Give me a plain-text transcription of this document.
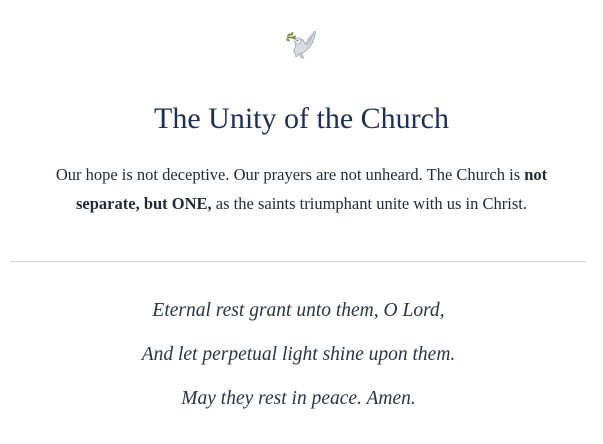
The Unity of the Church

Our hope is not deceptive. Our prayers are not unheard. The Church is not separate, but ONE, as the saints triumphant unite with us in Christ.

Eternal rest grant unto them, O Lord,

And let perpetual light shine upon them.

May they rest in peace. Amen.
